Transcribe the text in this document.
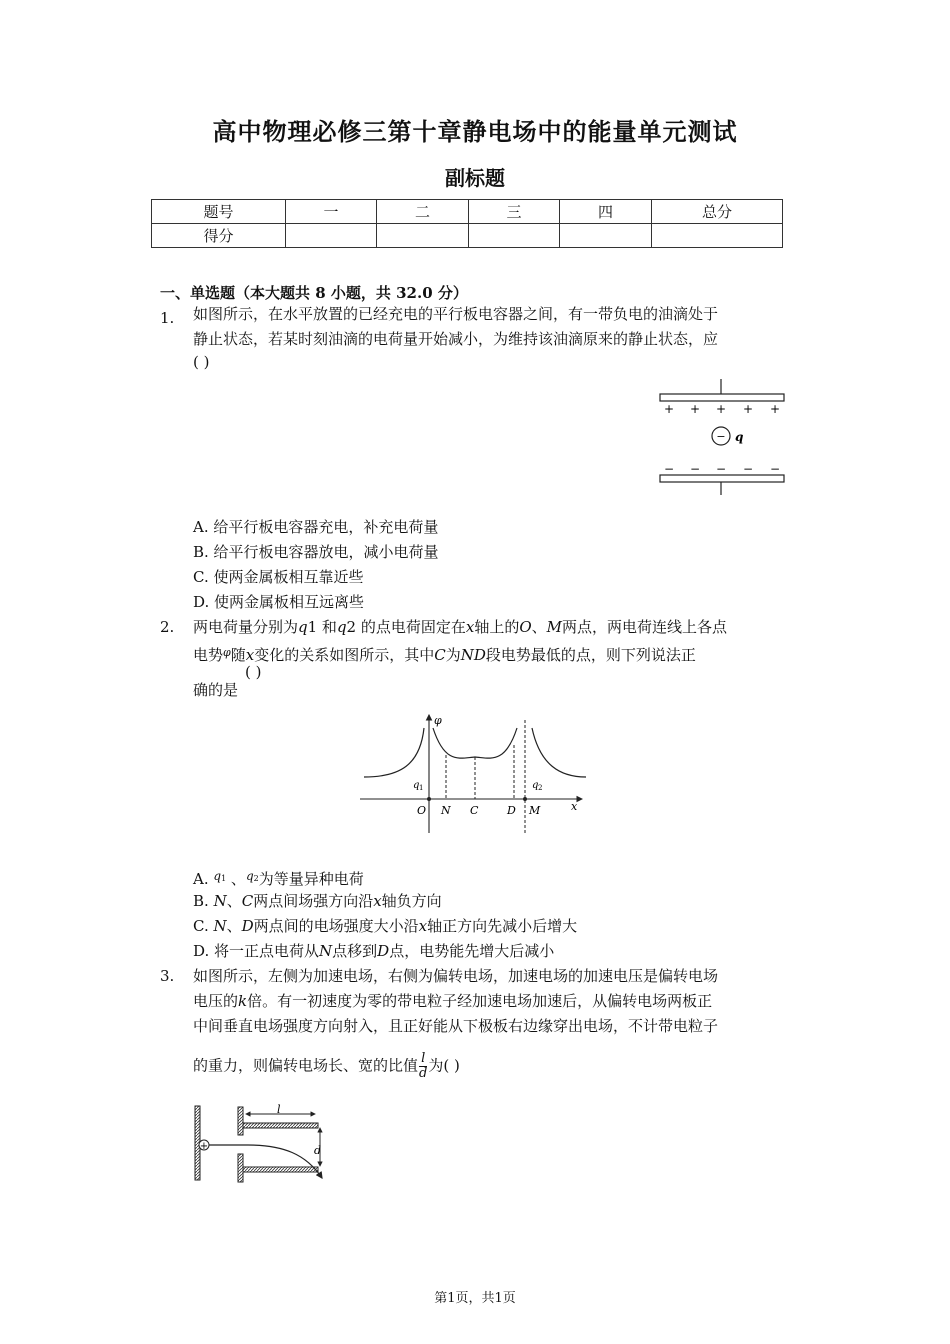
高中物理必修三第十章静电场中的能量单元测试
副标题
题号	一	二	三	四	总分
得分					
一、单选题（本大题共 8 小题，共 32.0 分）
1. 如图所示，在水平放置的已经充电的平行板电容器之间，有一带负电的油滴处于
静止状态，若某时刻油滴的电荷量开始减小，为维持该油滴原来的静止状态，应
( )
+ + + + +
− q
− − − − −
A. 给平行板电容器充电，补充电荷量
B. 给平行板电容器放电，减小电荷量
C. 使两金属板相互靠近些
D. 使两金属板相互远离些
2. 两电荷量分别为q1 和q2 的点电荷固定在x轴上的O、M两点，两电荷连线上各点
电势$^\varphi$随x变化的关系如图所示，其中C为ND段电势最低的点，则下列说法正
( )
确的是
φ
q 1	q 2
O N C	D M	x
A. $^{q1}$ 、$^{q2}$为等量异种电荷
B. N、C两点间场强方向沿x轴负方向
C. N、D两点间的电场强度大小沿x轴正方向先减小后增大
D. 将一正点电荷从N点移到D点，电势能先增大后减小
3. 如图所示，左侧为加速电场，右侧为偏转电场，加速电场的加速电压是偏转电场
电压的k倍。有一初速度为零的带电粒子经加速电场加速后，从偏转电场两板正
中间垂直电场强度方向射入，且正好能从下极板右边缘穿出电场，不计带电粒子
的重力，则偏转电场长、宽的比值 $\frac{l}{d}$ 为( )
+
l
d
第1页，共1页
